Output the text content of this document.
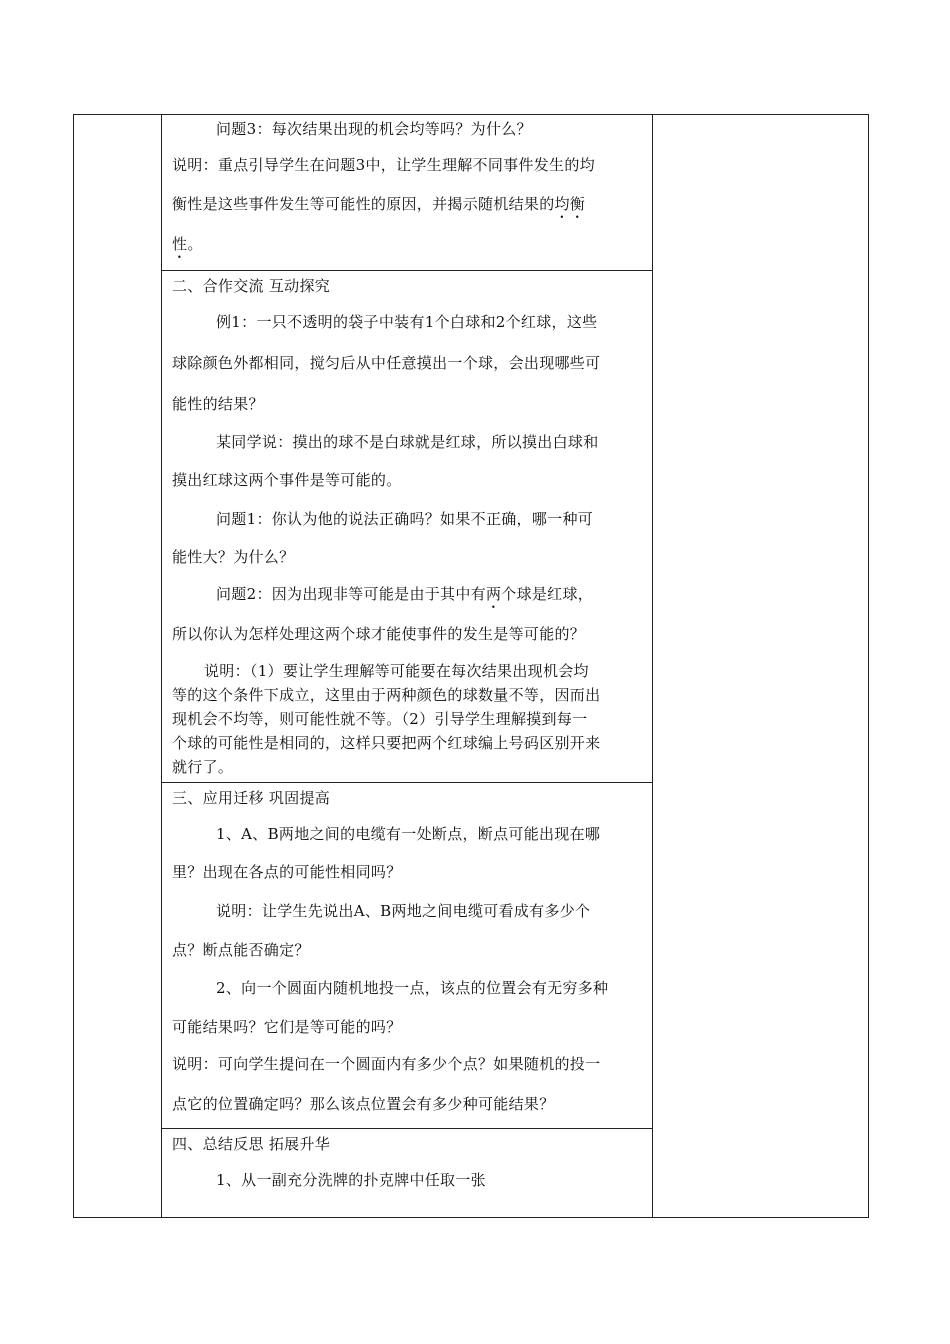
问题3：每次结果出现的机会均等吗？为什么？
说明：重点引导学生在问题3中，让学生理解不同事件发生的均
衡性是这些事件发生等可能性的原因，并揭示随机结果的均衡
性。
二、合作交流 互动探究
例1：一只不透明的袋子中装有1个白球和2个红球，这些
球除颜色外都相同，搅匀后从中任意摸出一个球，会出现哪些可
能性的结果？
某同学说：摸出的球不是白球就是红球，所以摸出白球和
摸出红球这两个事件是等可能的。
问题1：你认为他的说法正确吗？如果不正确，哪一种可
能性大？为什么？
问题2：因为出现非等可能是由于其中有两个球是红球，
所以你认为怎样处理这两个球才能使事件的发生是等可能的？
说明：（1）要让学生理解等可能要在每次结果出现机会均
等的这个条件下成立，这里由于两种颜色的球数量不等，因而出
现机会不均等，则可能性就不等。（2）引导学生理解摸到每一
个球的可能性是相同的，这样只要把两个红球编上号码区别开来
就行了。
三、应用迁移 巩固提高
1、A、B两地之间的电缆有一处断点，断点可能出现在哪
里？出现在各点的可能性相同吗？
说明：让学生先说出A、B两地之间电缆可看成有多少个
点？断点能否确定？
2、向一个圆面内随机地投一点，该点的位置会有无穷多种
可能结果吗？它们是等可能的吗？
说明：可向学生提问在一个圆面内有多少个点？如果随机的投一
点它的位置确定吗？那么该点位置会有多少种可能结果？
四、总结反思 拓展升华
1、从一副充分洗牌的扑克牌中任取一张
